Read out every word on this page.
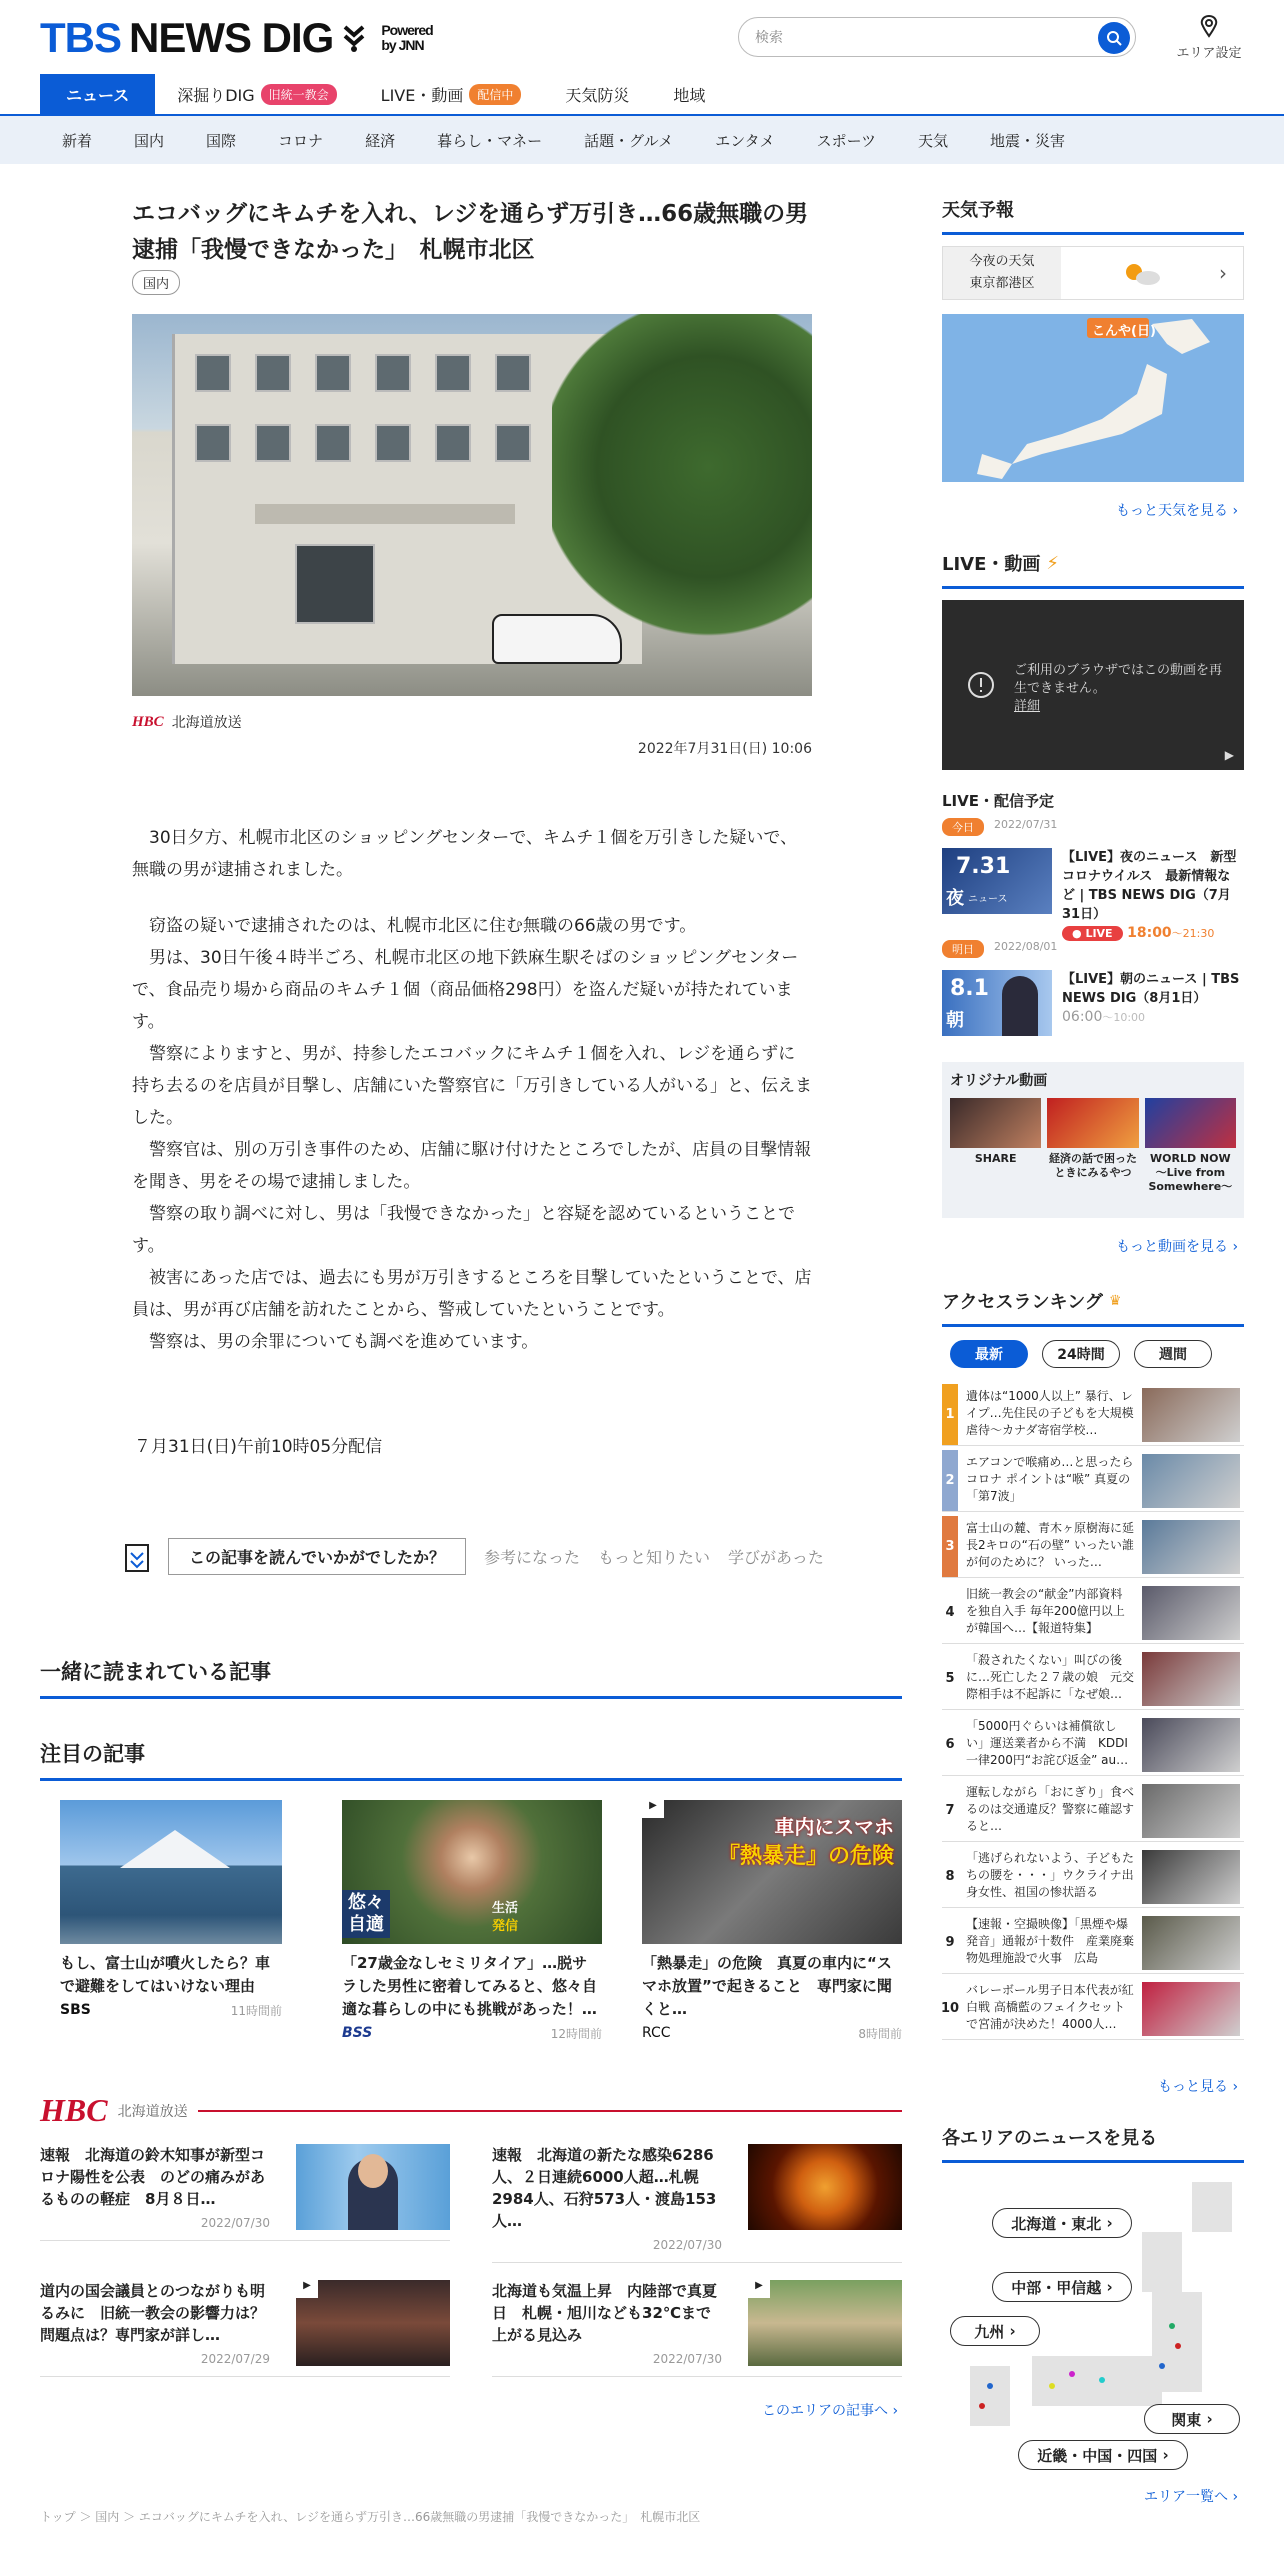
TBS NEWS DIG	Powered
by JNN	検索
エリア設定
ニュース	深掘りDIG	旧統一教会	LIVE・動画	配信中	天気防災	地域
新着	国内	国際	コロナ	経済	暮らし・マネー	話題・グルメ	エンタメ	スポーツ	天気	地震・災害
エコバッグにキムチを入れ、レジを通らず万引き…66歳無職の男逮捕「我慢できなかった」　札幌市北区
国内
HBC 北海道放送
2022年7月31日(日) 10:06

30日夕方、札幌市北区のショッピングセンターで、キムチ１個を万引きした疑いで、無職の男が逮捕されました。

窃盗の疑いで逮捕されたのは、札幌市北区に住む無職の66歳の男です。

男は、30日午後４時半ごろ、札幌市北区の地下鉄麻生駅そばのショッピングセンターで、食品売り場から商品のキムチ１個（商品価格298円）を盗んだ疑いが持たれています。

警察によりますと、男が、持参したエコバックにキムチ１個を入れ、レジを通らずに持ち去るのを店員が目撃し、店舗にいた警察官に「万引きしている人がいる」と、伝えました。

警察官は、別の万引き事件のため、店舗に駆け付けたところでしたが、店員の目撃情報を聞き、男をその場で逮捕しました。

警察の取り調べに対し、男は「我慢できなかった」と容疑を認めているということです。

被害にあった店では、過去にも男が万引きするところを目撃していたということで、店員は、男が再び店舗を訪れたことから、警戒していたということです。

警察は、男の余罪についても調べを進めています。

７月31日(日)午前10時05分配信
この記事を読んでいかがでしたか？	参考になった もっと知りたい 学びがあった
一緒に読まれている記事
注目の記事
もし、富士山が噴火したら？車で避難をしてはいけない理由
SBS	11時間前
悠々
自適
生活
発信
「27歳金なしセミリタイア」…脱サラした男性に密着してみると、悠々自適な暮らしの中にも挑戦があった！…
BSS	12時間前
▶
車内にスマホ
『熱暴走』の危険
「熱暴走」の危険　真夏の車内に“スマホ放置”で起きること　専門家に聞くと…
RCC	8時間前
HBC 北海道放送
速報　北海道の鈴木知事が新型コロナ陽性を公表　のどの痛みがあるものの軽症　8月８日…
2022/07/30
速報　北海道の新たな感染6286人、２日連続6000人超…札幌2984人、石狩573人・渡島153人…
2022/07/30
道内の国会議員とのつながりも明るみに　旧統一教会の影響力は？問題点は？専門家が詳し…
2022/07/29
▶	北海道も気温上昇　内陸部で真夏日　札幌・旭川なども32℃まで上がる見込み
2022/07/30
▶
このエリアの記事へ ›
トップ ＞ 国内 ＞ エコバッグにキムチを入れ、レジを通らず万引き…66歳無職の男逮捕「我慢できなかった」　札幌市北区
天気予報
今夜の天気
東京都港区	›
こんや(日)
もっと天気を見る ›
LIVE・動画 ⚡
ご利用のブラウザではこの動画を再生できません。
詳細
▶
LIVE・配信予定
今日	2022/07/31
7.31
夜 ニュース
【LIVE】夜のニュース　新型コロナウイルス　最新情報など | TBS NEWS DIG（7月31日）
● LIVE 18:00〜21:30
明日	2022/08/01
8.1
朝
【LIVE】朝のニュース | TBS NEWS DIG（8月1日）
06:00〜10:00
オリジナル動画
SHARE	経済の話で困ったときにみるやつ
WORLD NOW 〜Live from Somewhere〜
もっと動画を見る ›
アクセスランキング ♛
最新	24時間	週間
1
遺体は“1000人以上” 暴行、レイプ…先住民の子どもを大規模虐待〜カナダ寄宿学校…
2
エアコンで喉痛め…と思ったらコロナ ポイントは“喉” 真夏の「第7波」
3
富士山の麓、青木ヶ原樹海に延長2キロの“石の壁” いったい誰が何のために？ いった…
4
旧統一教会の“献金”内部資料を独自入手 毎年200億円以上が韓国へ…【報道特集】
5
「殺されたくない」叫びの後に…死亡した２７歳の娘　元交際相手は不起訴に「なぜ娘…
6
「5000円ぐらいは補償欲しい」運送業者から不満　KDDI一律200円“お詫び返金” au…
7
運転しながら「おにぎり」食べるのは交通違反？警察に確認すると…
8
「逃げられないよう、子どもたちの腰を・・・」ウクライナ出身女性、祖国の惨状語る
9
【速報・空撮映像】「黒煙や爆発音」通報が十数件　産業廃棄物処理施設で火事　広島
10
バレーボール男子日本代表が紅白戦 高橋藍のフェイクセットで宮浦が決めた！4000人…
もっと見る ›
各エリアのニュースを見る
北海道・東北 ›
中部・甲信越 ›
九州 ›
関東 ›
近畿・中国・四国 ›
エリア一覧へ ›
